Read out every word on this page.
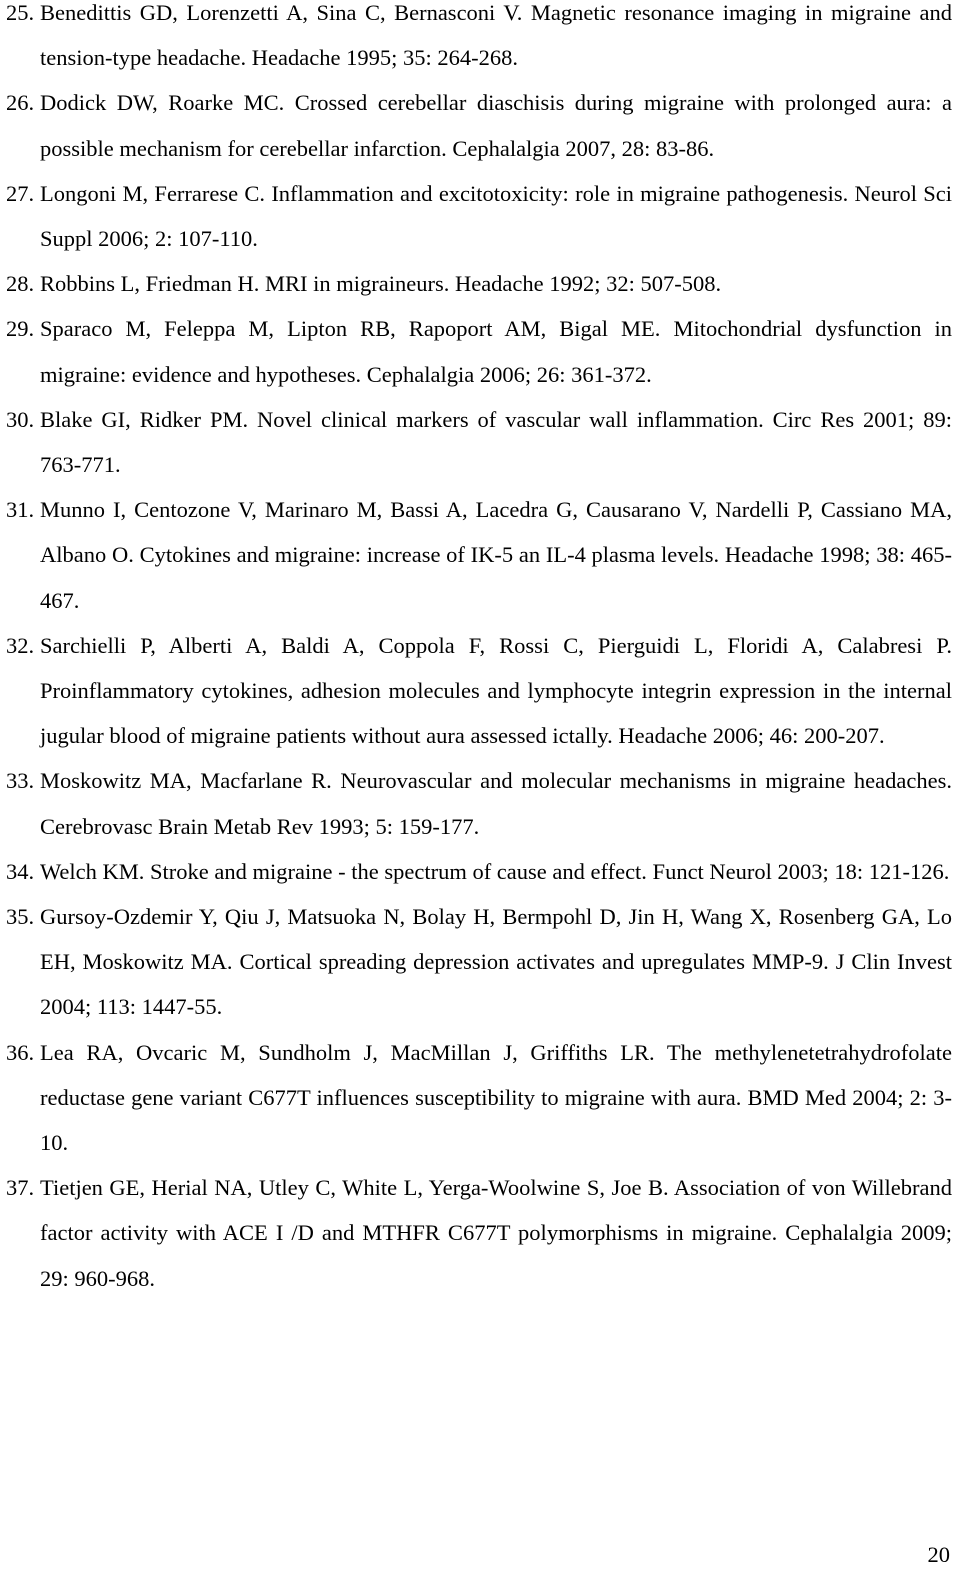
25. Benedittis GD, Lorenzetti A, Sina C, Bernasconi V. Magnetic resonance imaging in migraine and tension-type headache. Headache 1995; 35: 264-268.
26. Dodick DW, Roarke MC. Crossed cerebellar diaschisis during migraine with prolonged aura: a possible mechanism for cerebellar infarction. Cephalalgia 2007, 28: 83-86.
27. Longoni M, Ferrarese C. Inflammation and excitotoxicity: role in migraine pathogenesis. Neurol Sci Suppl 2006; 2: 107-110.
28. Robbins L, Friedman H. MRI in migraineurs. Headache 1992; 32: 507-508.
29. Sparaco M, Feleppa M, Lipton RB, Rapoport AM, Bigal ME. Mitochondrial dysfunction in migraine: evidence and hypotheses. Cephalalgia 2006; 26: 361-372.
30. Blake GI, Ridker PM. Novel clinical markers of vascular wall inflammation. Circ Res 2001; 89: 763-771.
31. Munno I, Centozone V, Marinaro M, Bassi A, Lacedra G, Causarano V, Nardelli P, Cassiano MA, Albano O. Cytokines and migraine: increase of IK-5 an IL-4 plasma levels. Headache 1998; 38: 465-467.
32. Sarchielli P, Alberti A, Baldi A, Coppola F, Rossi C, Pierguidi L, Floridi A, Calabresi P. Proinflammatory cytokines, adhesion molecules and lymphocyte integrin expression in the internal jugular blood of migraine patients without aura assessed ictally. Headache 2006; 46: 200-207.
33. Moskowitz MA, Macfarlane R. Neurovascular and molecular mechanisms in migraine headaches. Cerebrovasc Brain Metab Rev 1993; 5: 159-177.
34. Welch KM. Stroke and migraine - the spectrum of cause and effect. Funct Neurol 2003; 18: 121-126.
35. Gursoy-Ozdemir Y, Qiu J, Matsuoka N, Bolay H, Bermpohl D, Jin H, Wang X, Rosenberg GA, Lo EH, Moskowitz MA. Cortical spreading depression activates and upregulates MMP-9. J Clin Invest 2004; 113: 1447-55.
36. Lea RA, Ovcaric M, Sundholm J, MacMillan J, Griffiths LR. The methylenetetrahydrofolate reductase gene variant C677T influences susceptibility to migraine with aura. BMD Med 2004; 2: 3-10.
37. Tietjen GE, Herial NA, Utley C, White L, Yerga-Woolwine S, Joe B. Association of von Willebrand factor activity with ACE I /D and MTHFR C677T polymorphisms in migraine. Cephalalgia 2009; 29: 960-968.
20
